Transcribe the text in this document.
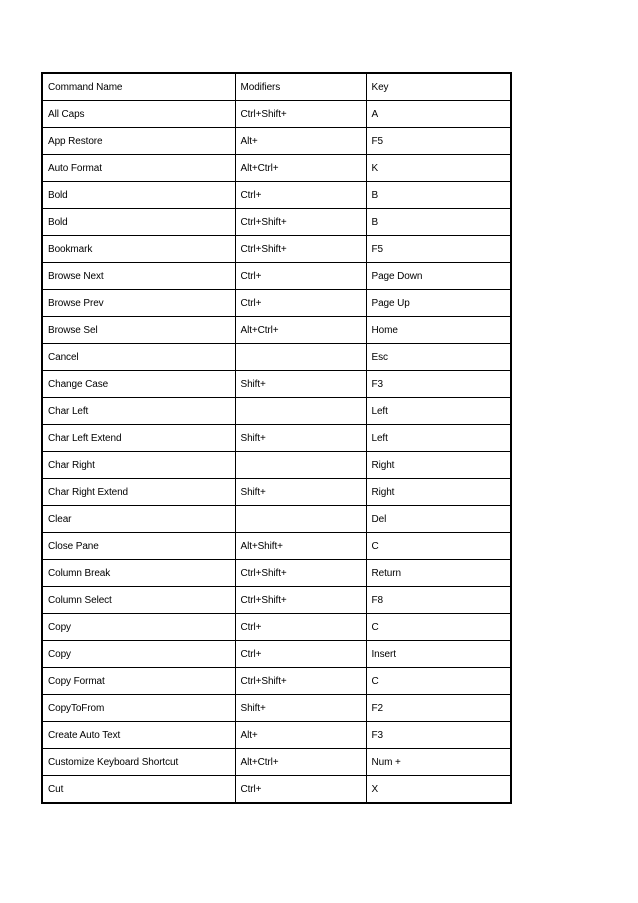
Command Name	Modifiers	Key
All Caps	Ctrl+Shift+	A
App Restore	Alt+	F5
Auto Format	Alt+Ctrl+	K
Bold	Ctrl+	B
Bold	Ctrl+Shift+	B
Bookmark	Ctrl+Shift+	F5
Browse Next	Ctrl+	Page Down
Browse Prev	Ctrl+	Page Up
Browse Sel	Alt+Ctrl+	Home
Cancel		Esc
Change Case	Shift+	F3
Char Left		Left
Char Left Extend	Shift+	Left
Char Right		Right
Char Right Extend	Shift+	Right
Clear		Del
Close Pane	Alt+Shift+	C
Column Break	Ctrl+Shift+	Return
Column Select	Ctrl+Shift+	F8
Copy	Ctrl+	C
Copy	Ctrl+	Insert
Copy Format	Ctrl+Shift+	C
CopyToFrom	Shift+	F2
Create Auto Text	Alt+	F3
Customize Keyboard Shortcut	Alt+Ctrl+	Num +
Cut	Ctrl+	X
